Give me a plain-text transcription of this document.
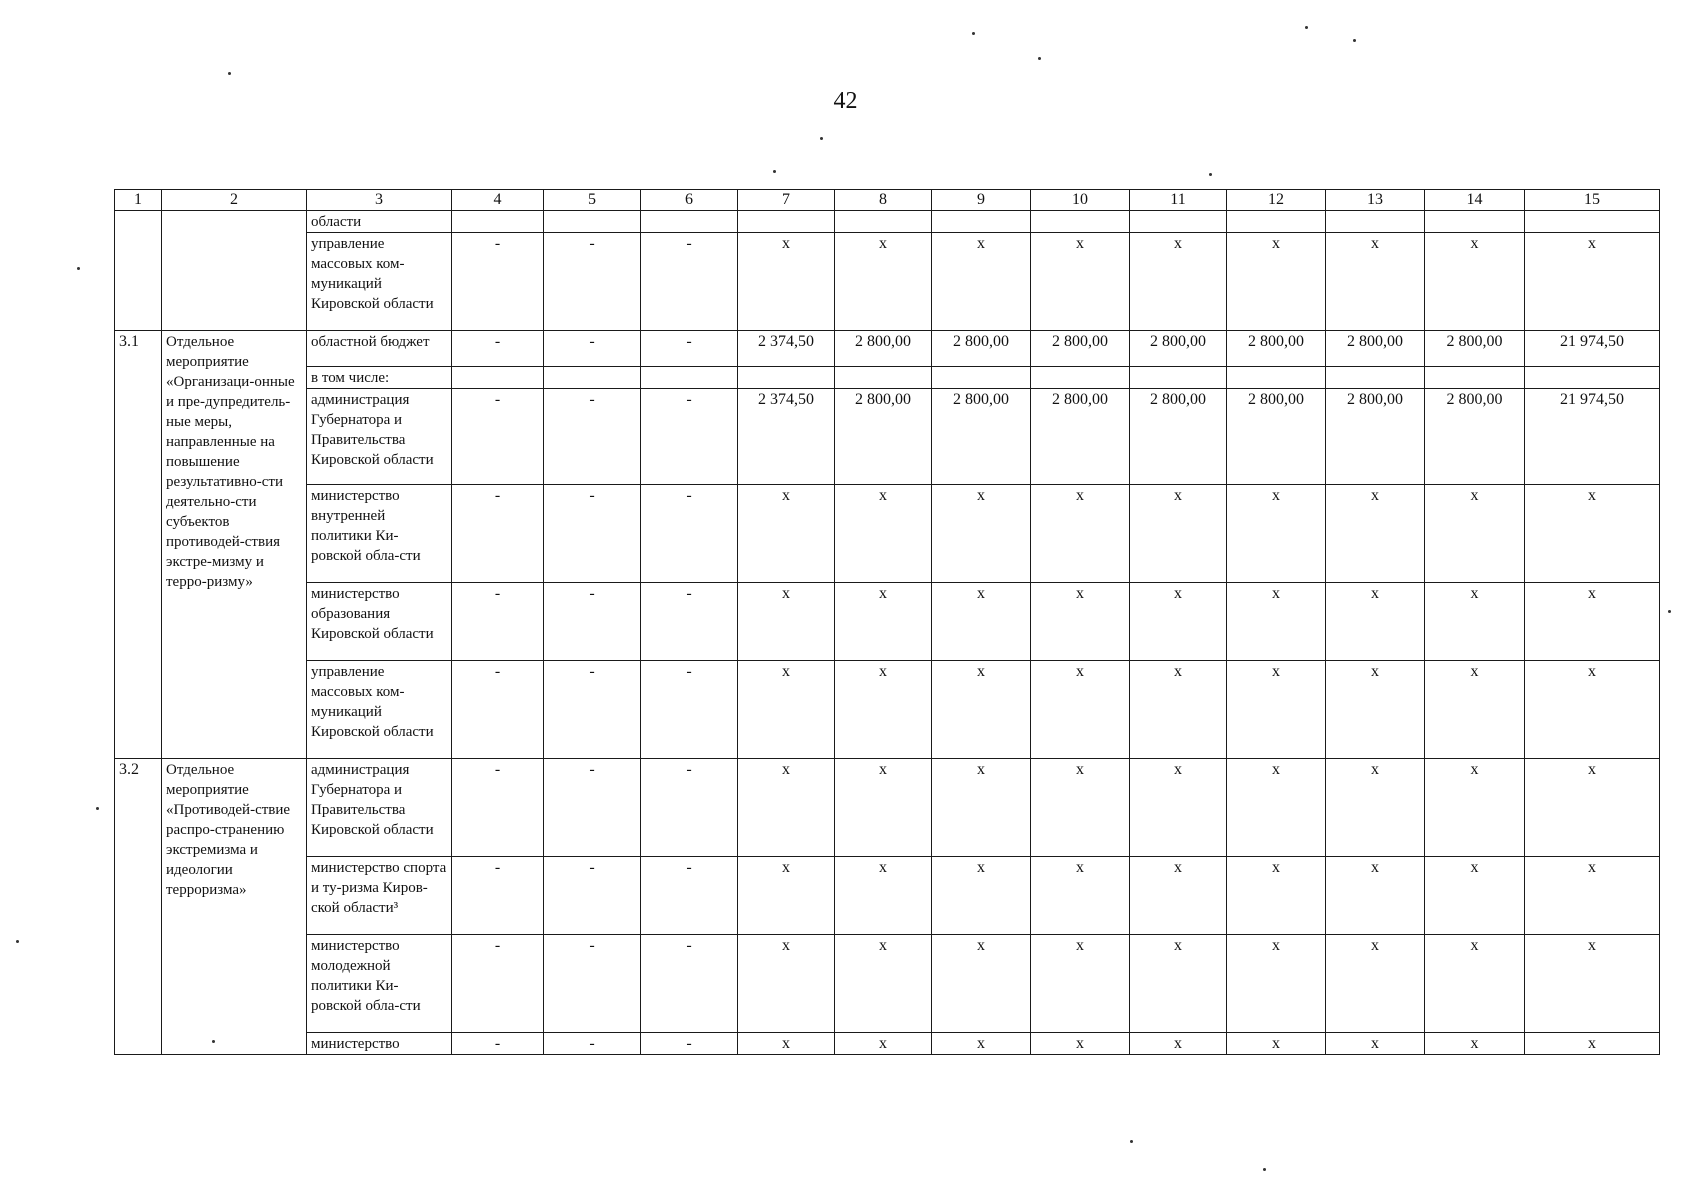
42
1	2	3	4	5	6	7	8	9	10	11	12	13	14	15
		области												
		управление массовых ком-муникаций Кировской области	-	-	-	x	x	x	x	x	x	x	x	x
3.1	Отдельное мероприятие «Организаци-онные и пре-дупредитель-ные меры, направленные на повышение результативно-сти деятельно-сти субъектов противодей-ствия экстре-мизму и терро-ризму»	областной бюджет	-	-	-	2 374,50	2 800,00	2 800,00	2 800,00	2 800,00	2 800,00	2 800,00	2 800,00	21 974,50
		в том числе:												
		администрация Губернатора и Правительства Кировской области	-	-	-	2 374,50	2 800,00	2 800,00	2 800,00	2 800,00	2 800,00	2 800,00	2 800,00	21 974,50
		министерство внутренней политики Ки-ровской обла-сти	-	-	-	x	x	x	x	x	x	x	x	x
		министерство образования Кировской области	-	-	-	x	x	x	x	x	x	x	x	x
		управление массовых ком-муникаций Кировской области	-	-	-	x	x	x	x	x	x	x	x	x
3.2	Отдельное мероприятие «Противодей-ствие распро-странению экстремизма и идеологии терроризма»	администрация Губернатора и Правительства Кировской области	-	-	-	x	x	x	x	x	x	x	x	x
		министерство спорта и ту-ризма Киров-ской области³	-	-	-	x	x	x	x	x	x	x	x	x
		министерство молодежной политики Ки-ровской обла-сти	-	-	-	x	x	x	x	x	x	x	x	x
		министерство	-	-	-	x	x	x	x	x	x	x	x	x
